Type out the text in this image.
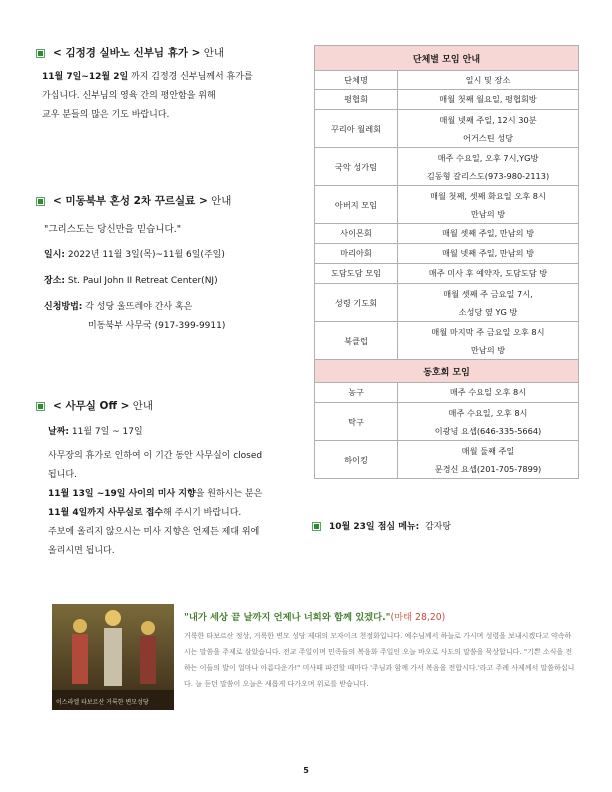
< 김정경 실바노 신부님 휴가 > 안내

11월 7일~12월 2일 까지 김정경 신부님께서 휴가를

가십니다. 신부님의 영육 간의 평안함을 위해

교우 분들의 많은 기도 바랍니다.

< 미동북부 혼성 2차 꾸르실료 > 안내

"그리스도는 당신만을 믿습니다."

일시: 2022년 11월 3일(목)~11월 6일(주일)

장소: St. Paul John II Retreat Center(NJ)

신청방법: 각 성당 울뜨레야 간사 혹은

미동북부 사무국 (917-399-9911)

< 사무실 Off > 안내

날짜: 11월 7일 ~ 17일

사무장의 휴가로 인하여 이 기간 동안 사무실이 closed

됩니다.

11월 13일 ~19일 사이의 미사 지향을 원하시는 분은

11월 4일까지 사무실로 접수해 주시기 바랍니다.

주보에 올리지 않으시는 미사 지향은 언제든 제대 위에

올리시면 됩니다.

단체별 모임 안내	
단체명	일시 및 장소
평협회	매월 첫째 월요일, 평협회방
꾸리아 월레회	매월 넷째 주일, 12시 30분
어거스틴 성당

국악 성가팀	매주 수요일, 오후 7시,YG방
김동형 갈리스도(973-980-2113)

아버지 모임	매월 첫째, 셋째 화요일 오후 8시
만남의 방

사이몬회	매월 셋째 주일, 만남의 방
마리아회	매월 넷째 주일, 만남의 방
도담도담 모임	매주 미사 후 예약자, 도담도담 방
성령 기도회	매월 셋째 주 금요일 7시,
소성당 옆 YG 방

북클럽	매월 마지막 주 금요일 오후 8시
만남의 방

동호회 모임	
농구	매주 수요일 오후 8시
탁구	매주 수요일, 오후 8시
이광녕 요셉(646-335-5664)

하이킹	매월 둘째 주일
문경신 요셉(201-705-7899)
10월 23일 점심 메뉴: 감자탕
이스라엘 타보르산 거룩한 변모성당
"내가 세상 끝 날까지 언제나 너희와 함께 있겠다."(마태 28,20)
거룩한 타보르산 정상, 거룩한 변모 성당 제대의 모자이크 천정화입니다. 예수님께서 하늘로 가시며 성령을 보내시겠다고 약속하시는 말씀을 주제로 삼았습니다. 전교 주일이며 민족들의 복음화 주일인 오늘 바오로 사도의 말씀을 묵상합니다. "기쁜 소식을 전하는 이들의 발이 얼마나 아름다운가!" 미사때 파견할 때마다 '주님과 함께 가서 복음을 전합시다.'라고 주례 사제께서 말씀하십니다. 늘 듣던 말씀이 오늘은 새롭게 다가오며 위로를 받습니다.
5
